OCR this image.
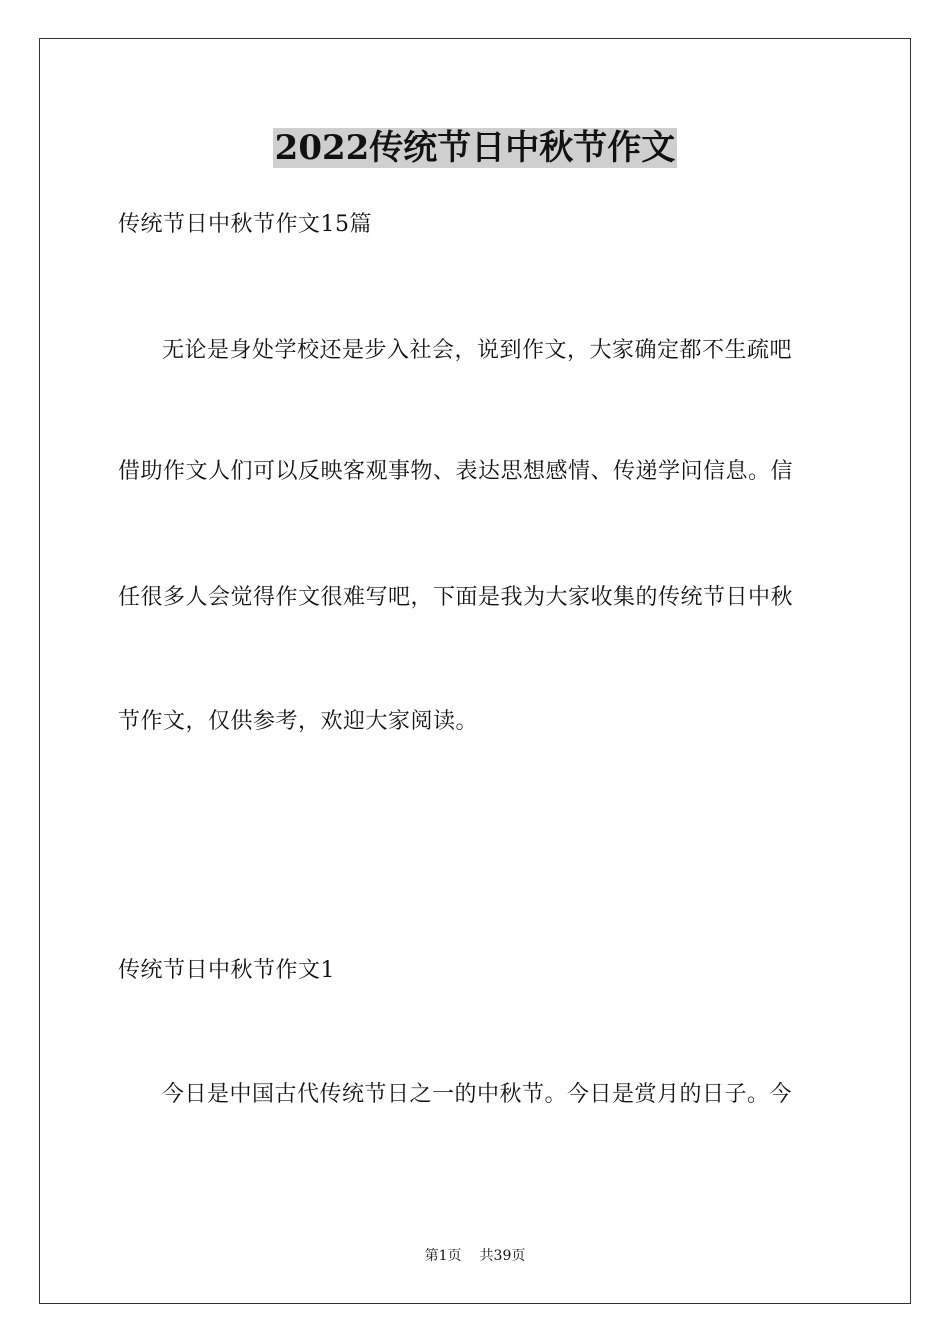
2022传统节日中秋节作文
传统节日中秋节作文15篇
无论是身处学校还是步入社会，说到作文，大家确定都不生疏吧
借助作文人们可以反映客观事物、表达思想感情、传递学问信息。信
任很多人会觉得作文很难写吧，下面是我为大家收集的传统节日中秋
节作文，仅供参考，欢迎大家阅读。
传统节日中秋节作文1
今日是中国古代传统节日之一的中秋节。今日是赏月的日子。今
第1页 共39页
